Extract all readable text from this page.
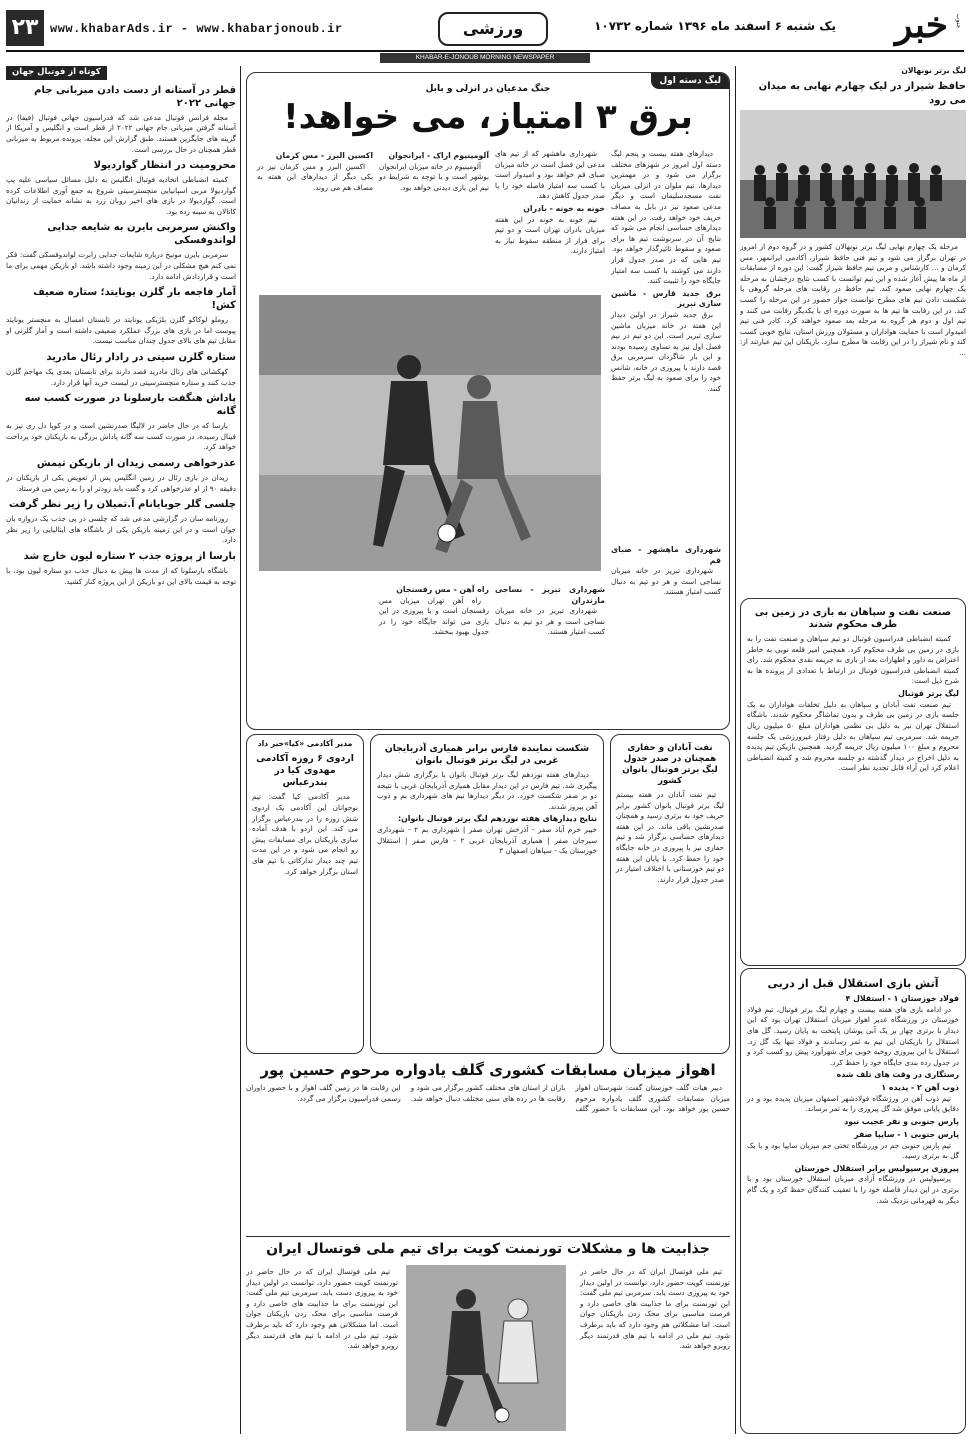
خبر جنوب
یک شنبه ۶ اسفند ماه ۱۳۹۶ شماره ۱۰۷۳۲
ورزشی
www.khabarAds.ir - www.khabarjonoub.ir
۲۳
KHABAR-E-JONOUB MORNING NEWSPAPER
لیگ برتر نونهالان
حافظ شیراز در لیک چهارم نهایی به میدان می رود
مرحله یک چهارم نهایی لیگ برتر نونهالان کشور و در گروه دوم از امروز در تهران برگزار می شود و تیم فنی حافظ شیراز، آکادمی ایرانمهر، مس کرمان و ... کارشناس و مربی تیم حافظ شیراز گفت: این دوره از مسابقات از ماه ها پیش آغاز شده و این تیم توانست با کسب نتایج درخشان به مرحله یک چهارم نهایی صعود کند. تیم حافظ در رقابت های مرحله گروهی با شکست دادن تیم های مطرح توانست جواز حضور در این مرحله را کسب کند. در این رقابت ها تیم ها به صورت دوره ای با یکدیگر رقابت می کنند و تیم اول و دوم هر گروه به مرحله بعد صعود خواهند کرد. کادر فنی تیم امیدوار است با حمایت هواداران و مسئولان ورزش استان، نتایج خوبی کسب کند و نام شیراز را در این رقابت ها مطرح سازد. بازیکنان این تیم عبارتند از: ...
صنعت نفت و سپاهان به بازی در زمین بی طرف محکوم شدند
کمیته انضباطی فدراسیون فوتبال دو تیم سپاهان و صنعت نفت را به بازی در زمین بی طرف محکوم کرد. همچنین امیر قلعه نویی به خاطر اعتراض به داور و اظهارات بعد از بازی به جریمه نقدی محکوم شد. رای کمیته انضباطی فدراسیون فوتبال در ارتباط با تعدادی از پرونده ها به شرح ذیل است:
لیگ برتر فوتبال
تیم صنعت نفت آبادان و سپاهان به دلیل تخلفات هواداران به یک جلسه بازی در زمین بی طرف و بدون تماشاگر محکوم شدند. باشگاه استقلال تهران نیز به دلیل بی نظمی هواداران مبلغ ۵۰ میلیون ریال جریمه شد. سرمربی تیم سپاهان به دلیل رفتار غیرورزشی یک جلسه محروم و مبلغ ۱۰۰ میلیون ریال جریمه گردید. همچنین بازیکن تیم پدیده به دلیل اخراج در دیدار گذشته دو جلسه محروم شد و کمیته انضباطی اعلام کرد این آراء قابل تجدید نظر است.
آتش بازی استقلال قبل از دربی
فولاد خوزستان ۱ - استقلال ۴
در ادامه بازی های هفته بیست و چهارم لیگ برتر فوتبال، تیم فولاد خوزستان در ورزشگاه غدیر اهواز میزبان استقلال تهران بود که این دیدار با برتری چهار بر یک آبی پوشان پایتخت به پایان رسید. گل های استقلال را بازیکنان این تیم به ثمر رساندند و فولاد تنها یک گل زد. استقلال با این پیروزی روحیه خوبی برای شهرآورد پیش رو کسب کرد و در جدول رده بندی جایگاه خود را حفظ کرد.
رستگاری در وقت های تلف شده
ذوب آهن ۲ - پدیده ۱
تیم ذوب آهن در ورزشگاه فولادشهر اصفهان میزبان پدیده بود و در دقایق پایانی موفق شد گل پیروزی را به ثمر برساند.
پارس جنوبی و نفر عجیب نبود
پارس جنوبی ۱ - سایپا صفر
تیم پارس جنوبی جم در ورزشگاه تختی جم میزبان سایپا بود و با یک گل به برتری رسید.
پیروزی پرسپولیس برابر استقلال خوزستان
پرسپولیس در ورزشگاه آزادی میزبان استقلال خوزستان بود و با برتری در این دیدار فاصله خود را با تعقیب کنندگان حفظ کرد و یک گام دیگر به قهرمانی نزدیک شد.
لیگ دسته اول
جنگ مدعیان در انزلی و بابل
برق ۳ امتیاز، می خواهد!
دیدارهای هفته بیست و پنجم لیگ دسته اول امروز در شهرهای مختلف برگزار می شود و در مهمترین دیدارها، تیم ملوان در انزلی میزبان نفت مسجدسلیمان است و دیگر مدعی صعود نیز در بابل به مصاف حریف خود خواهد رفت. در این هفته دیدارهای حساسی انجام می شود که نتایج آن در سرنوشت تیم ها برای صعود و سقوط تاثیرگذار خواهد بود. تیم هایی که در صدر جدول قرار دارند می کوشند با کسب سه امتیاز جایگاه خود را تثبیت کنند.
برق جدید قارس - ماشین سازی تبریز
برق جدید شیراز در اولین دیدار این هفته در خانه میزبان ماشین سازی تبریز است. این دو تیم در نیم فصل اول نیز به تساوی رسیده بودند و این بار شاگردان سرمربی برق قصد دارند با پیروزی در خانه، شانس خود را برای صعود به لیگ برتر حفظ کنند.
شهرداری ماهشهر که از تیم های مدعی این فصل است در خانه میزبان صبای قم خواهد بود و امیدوار است با کسب سه امتیاز فاصله خود را با صدر جدول کاهش دهد.
خونه به خونه - بادران
تیم خونه به خونه در این هفته میزبان بادران تهران است و دو تیم برای فرار از منطقه سقوط نیاز به امتیاز دارند.
آلومینیوم اراک - ایرانجوان
آلومینیوم در خانه میزبان ایرانجوان بوشهر است و با توجه به شرایط دو تیم این بازی دیدنی خواهد بود.
اکسین البرز - مس کرمان
اکسین البرز و مس کرمان نیز در یکی دیگر از دیدارهای این هفته به مصاف هم می روند.
شهرداری ماهشهر - صبای قم
شهرداری تبریز در خانه میزبان نساجی است و هر دو تیم به دنبال کسب امتیاز هستند.
شهرداری تبریز - نساجی مازندران
شهرداری تبریز در خانه میزبان نساجی است و هر دو تیم به دنبال کسب امتیاز هستند.
راه آهن - مس رفسنجان
راه آهن تهران میزبان مس رفسنجان است و با پیروزی در این بازی می تواند جایگاه خود را در جدول بهبود ببخشد.
نفت آبادان و حفاری همچنان در صدر جدول لیگ برتر فوتبال بانوان کشور
تیم نفت آبادان در هفته بیستم لیگ برتر فوتبال بانوان کشور برابر حریف خود به برتری رسید و همچنان صدرنشین باقی ماند. در این هفته دیدارهای حساسی برگزار شد و تیم حفاری نیز با پیروزی در خانه جایگاه خود را حفظ کرد. با پایان این هفته دو تیم خوزستانی با اختلاف امتیاز در صدر جدول قرار دارند.
شکست نماینده فارس برابر همیاری آذربایجان غربی در لیگ برتر فوتبال بانوان
دیدارهای هفته نوزدهم لیگ برتر فوتبال بانوان با برگزاری شش دیدار پیگیری شد. تیم فارس در این دیدار مقابل همیاری آذربایجان غربی با نتیجه دو بر صفر شکست خورد. در دیگر دیدارها تیم های شهرداری بم و ذوب آهن پیروز شدند.
نتایج دیدارهای هفته نوزدهم لیگ برتر فوتبال بانوان:
خیبر خرم آباد صفر - آذرخش تهران صفر | شهرداری بم ۲ - شهرداری سیرجان صفر | همیاری آذربایجان غربی ۲ - فارس صفر | استقلال خوزستان یک - سپاهان اصفهان ۳
مدیر آکادمی «کیا»خبر داد
اردوی ۶ روزه آکادمی مهدوی کیا در بندرعباس
مدیر آکادمی کیا گفت: تیم نوجوانان این آکادمی یک اردوی شش روزه را در بندرعباس برگزار می کند. این اردو با هدف آماده سازی بازیکنان برای مسابقات پیش رو انجام می شود و در این مدت تیم چند دیدار تدارکاتی با تیم های استان برگزار خواهد کرد.
اهواز میزبان مسابقات کشوری گلف یادواره مرحوم حسین پور
دبیر هیات گلف خوزستان گفت: شهرستان اهواز میزبان مسابقات کشوری گلف یادواره مرحوم حسین پور خواهد بود. این مسابقات با حضور گلف بازان از استان های مختلف کشور برگزار می شود و رقابت ها در رده های سنی مختلف دنبال خواهد شد. این رقابت ها در زمین گلف اهواز و با حضور داوران رسمی فدراسیون برگزار می گردد.
جذابیت ها و مشکلات تورنمنت کویت برای تیم ملی فوتسال ایران
تیم ملی فوتسال ایران که در حال حاضر در تورنمنت کویت حضور دارد، توانست در اولین دیدار خود به پیروزی دست یابد. سرمربی تیم ملی گفت: این تورنمنت برای ما جذابیت های خاصی دارد و فرصت مناسبی برای محک زدن بازیکنان جوان است. اما مشکلاتی هم وجود دارد که باید برطرف شود. تیم ملی در ادامه با تیم های قدرتمند دیگر روبرو خواهد شد.
تیم ملی فوتسال ایران که در حال حاضر در تورنمنت کویت حضور دارد، توانست در اولین دیدار خود به پیروزی دست یابد. سرمربی تیم ملی گفت: این تورنمنت برای ما جذابیت های خاصی دارد و فرصت مناسبی برای محک زدن بازیکنان جوان است. اما مشکلاتی هم وجود دارد که باید برطرف شود. تیم ملی در ادامه با تیم های قدرتمند دیگر روبرو خواهد شد.
کوتاه از فوتبال جهان
قطر در آستانه از دست دادن میزبانی جام جهانی ۲۰۲۲
مجله فرانس فوتبال مدعی شد که فدراسیون جهانی فوتبال (فیفا) در آستانه گرفتن میزبانی جام جهانی ۲۰۲۲ از قطر است و انگلیس و آمریکا از گزینه های جایگزین هستند. طبق گزارش این مجله، پرونده مربوط به میزبانی قطر همچنان در حال بررسی است.
محرومیت در انتظار گواردیولا
کمیته انضباطی اتحادیه فوتبال انگلیس به دلیل مسائل سیاسی علیه پپ گواردیولا مربی اسپانیایی منچسترسیتی شروع به جمع آوری اطلاعات کرده است. گواردیولا در بازی های اخیر روبان زرد به نشانه حمایت از زندانیان کاتالان به سینه زده بود.
واکنش سرمربی بایرن به شایعه جدایی لواندوفسکی
سرمربی بایرن مونیخ درباره شایعات جدایی رابرت لواندوفسکی گفت: فکر نمی کنم هیچ مشکلی در این زمینه وجود داشته باشد. او بازیکن مهمی برای ما است و قراردادش ادامه دارد.
آمار فاجعه بار گلزن یونایتد؛ ستاره ضعیف کش!
روملو لوکاکو گلزن بلژیکی یونایتد در تابستان امسال به منچستر یونایتد پیوست اما در بازی های بزرگ عملکرد ضعیفی داشته است و آمار گلزنی او مقابل تیم های بالای جدول چندان مناسب نیست.
ستاره گلزن سیتی در رادار رئال مادرید
کهکشانی های رئال مادرید قصد دارند برای تابستان بعدی یک مهاجم گلزن جذب کنند و ستاره منچسترسیتی در لیست خرید آنها قرار دارد.
پاداش هنگفت بارسلونا در صورت کسب سه گانه
بارسا که در حال حاضر در لالیگا صدرنشین است و در کوپا دل ری نیز به فینال رسیده، در صورت کسب سه گانه پاداش بزرگی به بازیکنان خود پرداخت خواهد کرد.
عذرخواهی رسمی زیدان از بازیکن تیمش
زیدان در بازی رئال در زمین انگلیس پس از تعویض یکی از بازیکنان در دقیقه ۹۰ از او عذرخواهی کرد و گفت باید زودتر او را به زمین می فرستاد.
چلسی گلر جوبایانام آ.تمیلان را زیر نظر گرفت
روزنامه سان در گزارشی مدعی شد که چلسی در پی جذب یک دروازه بان جوان است و در این زمینه بازیکن یکی از باشگاه های ایتالیایی را زیر نظر دارد.
بارسا از پروژه جذب ۲ ستاره لیون خارج شد
باشگاه بارسلونا که از مدت ها پیش به دنبال جذب دو ستاره لیون بود، با توجه به قیمت بالای این دو بازیکن از این پروژه کنار کشید.
